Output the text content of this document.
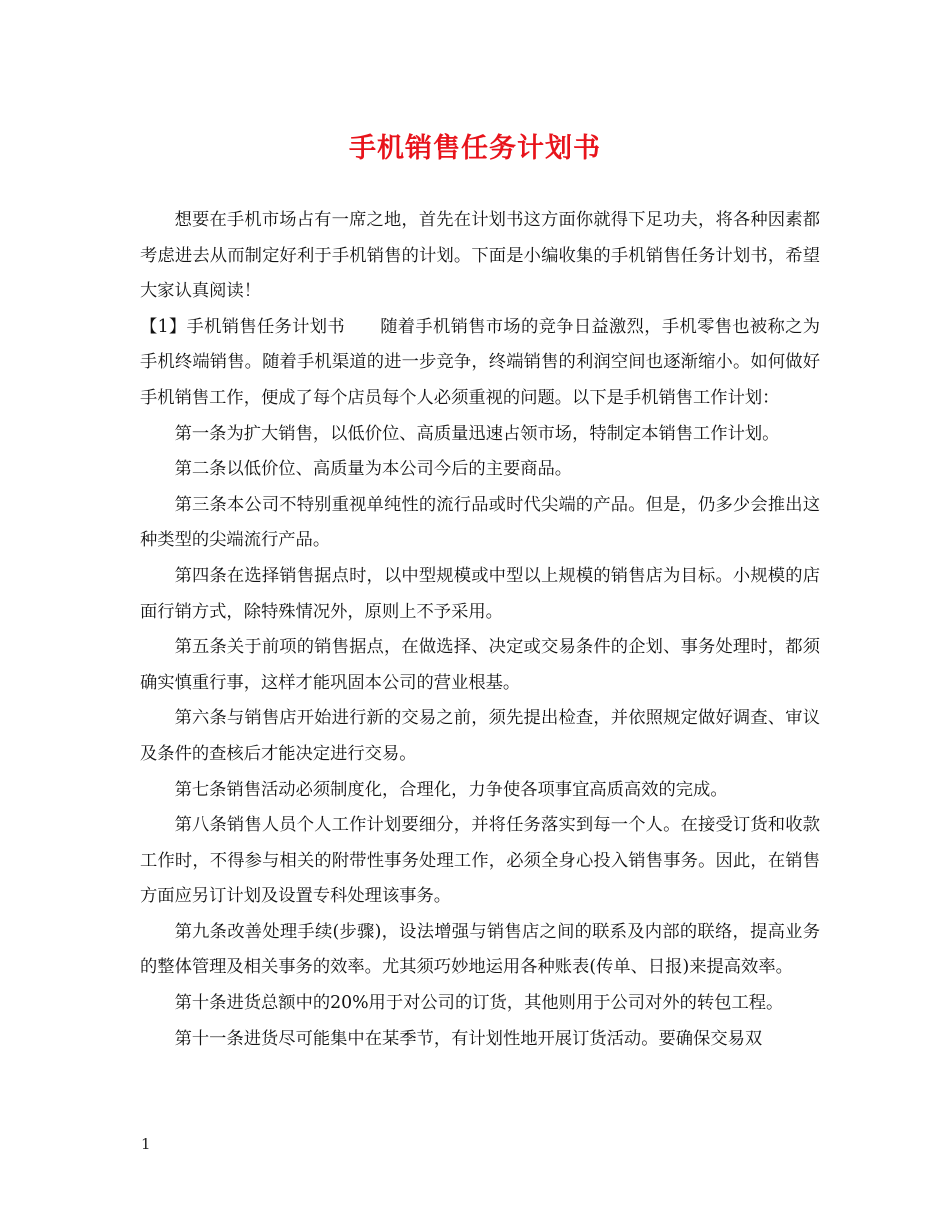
手机销售任务计划书

想要在手机市场占有一席之地，首先在计划书这方面你就得下足功夫，将各种因素都考虑进去从而制定好利于手机销售的计划。下面是小编收集的手机销售任务计划书，希望大家认真阅读！

【1】手机销售任务计划书　　随着手机销售市场的竞争日益激烈，手机零售也被称之为手机终端销售。随着手机渠道的进一步竞争，终端销售的利润空间也逐渐缩小。如何做好手机销售工作，便成了每个店员每个人必须重视的问题。以下是手机销售工作计划：

第一条为扩大销售，以低价位、高质量迅速占领市场，特制定本销售工作计划。

第二条以低价位、高质量为本公司今后的主要商品。

第三条本公司不特别重视单纯性的流行品或时代尖端的产品。但是，仍多少会推出这种类型的尖端流行产品。

第四条在选择销售据点时，以中型规模或中型以上规模的销售店为目标。小规模的店面行销方式，除特殊情况外，原则上不予采用。

第五条关于前项的销售据点，在做选择、决定或交易条件的企划、事务处理时，都须确实慎重行事，这样才能巩固本公司的营业根基。

第六条与销售店开始进行新的交易之前，须先提出检查，并依照规定做好调查、审议及条件的查核后才能决定进行交易。

第七条销售活动必须制度化，合理化，力争使各项事宜高质高效的完成。

第八条销售人员个人工作计划要细分，并将任务落实到每一个人。在接受订货和收款工作时，不得参与相关的附带性事务处理工作，必须全身心投入销售事务。因此，在销售方面应另订计划及设置专科处理该事务。

第九条改善处理手续(步骤)，设法增强与销售店之间的联系及内部的联络，提高业务的整体管理及相关事务的效率。尤其须巧妙地运用各种账表(传单、日报)来提高效率。

第十条进货总额中的20%用于对公司的订货，其他则用于公司对外的转包工程。

第十一条进货尽可能集中在某季节，有计划性地开展订货活动。要确保交易双

1
